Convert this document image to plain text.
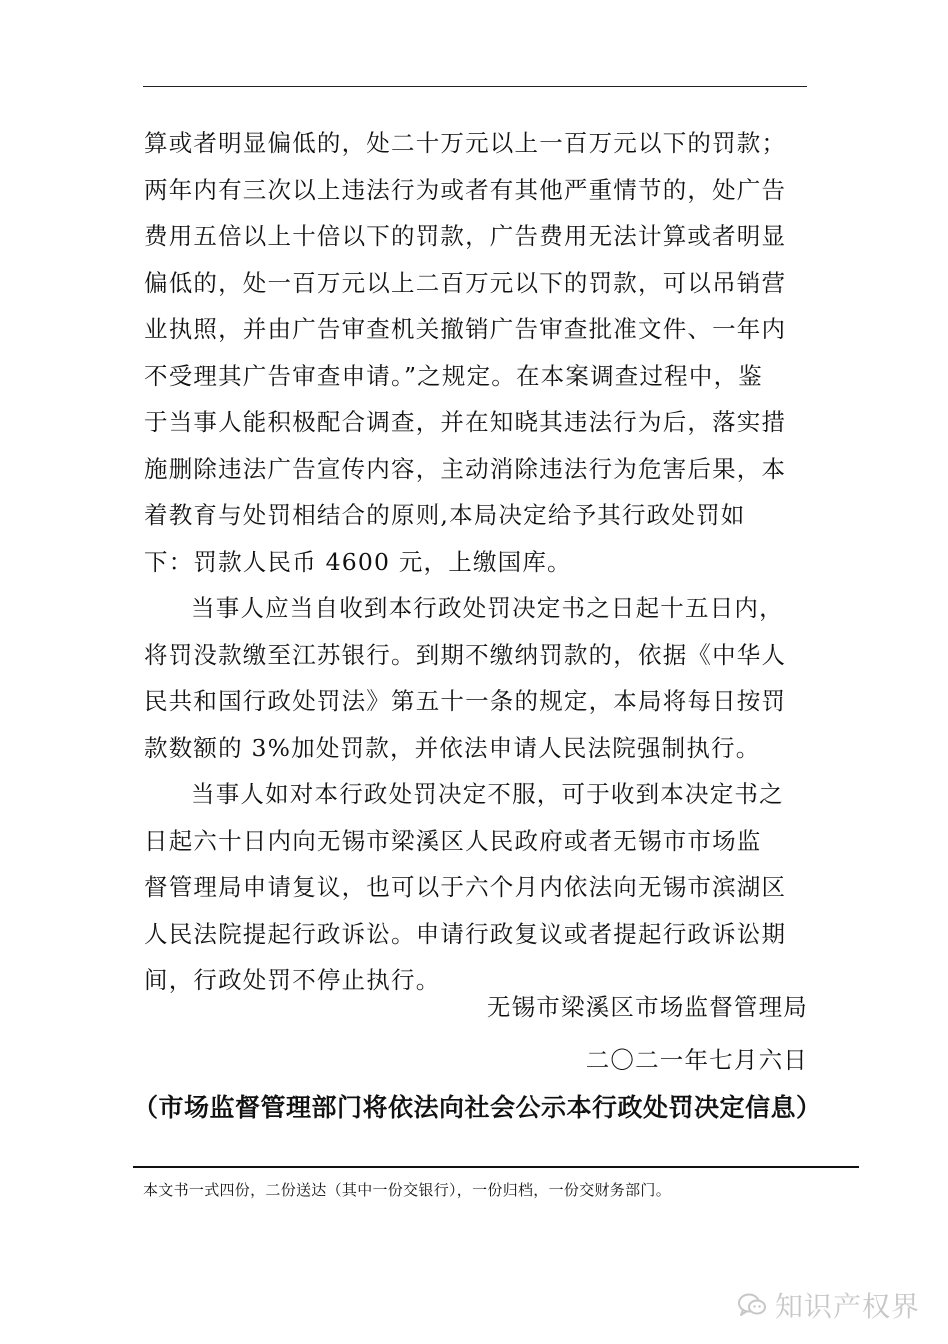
算或者明显偏低的，处二十万元以上一百万元以下的罚款；
两年内有三次以上违法行为或者有其他严重情节的，处广告
费用五倍以上十倍以下的罚款，广告费用无法计算或者明显
偏低的，处一百万元以上二百万元以下的罚款，可以吊销营
业执照，并由广告审查机关撤销广告审查批准文件、一年内
不受理其广告审查申请。”之规定。在本案调查过程中，鉴
于当事人能积极配合调查，并在知晓其违法行为后，落实措
施删除违法广告宣传内容，主动消除违法行为危害后果，本
着教育与处罚相结合的原则,本局决定给予其行政处罚如
下：罚款人民币 4600 元，上缴国库。

当事人应当自收到本行政处罚决定书之日起十五日内，
将罚没款缴至江苏银行。到期不缴纳罚款的，依据《中华人
民共和国行政处罚法》第五十一条的规定，本局将每日按罚
款数额的 3%加处罚款，并依法申请人民法院强制执行。

当事人如对本行政处罚决定不服，可于收到本决定书之
日起六十日内向无锡市梁溪区人民政府或者无锡市市场监
督管理局申请复议，也可以于六个月内依法向无锡市滨湖区
人民法院提起行政诉讼。申请行政复议或者提起行政诉讼期
间，行政处罚不停止执行。

无锡市梁溪区市场监督管理局
二〇二一年七月六日
（市场监督管理部门将依法向社会公示本行政处罚决定信息）
本文书一式四份，二份送达（其中一份交银行），一份归档，一份交财务部门。
知识产权界
